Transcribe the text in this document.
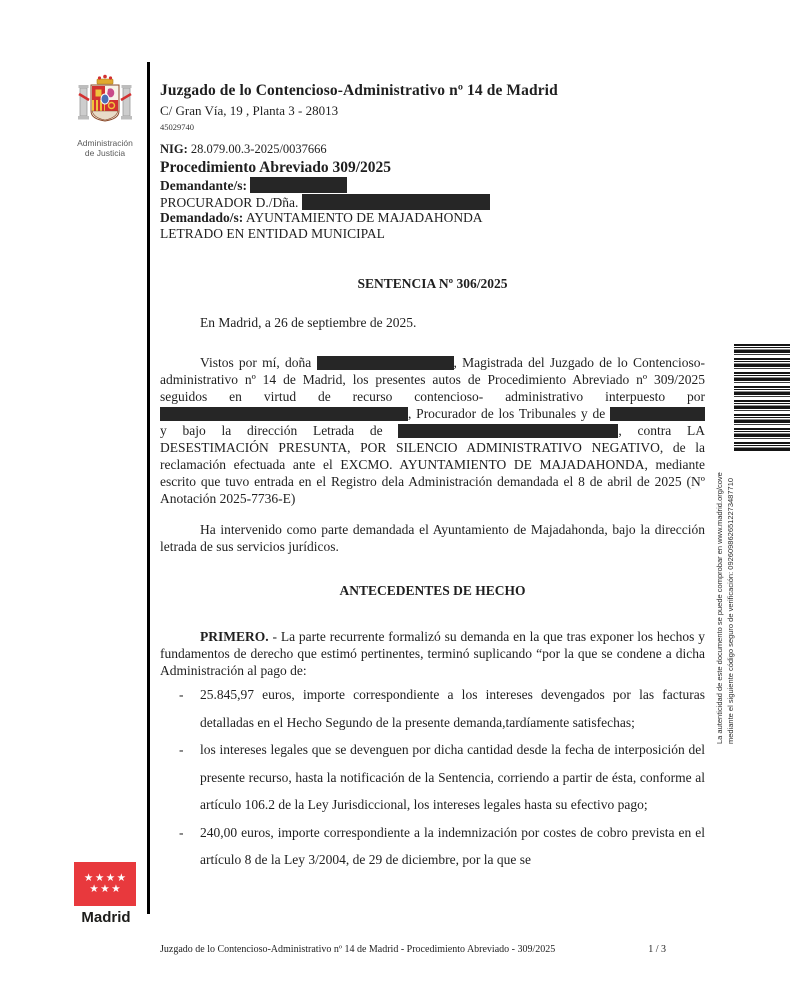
Administración
de Justicia
Juzgado de lo Contencioso-Administrativo nº 14 de Madrid
C/ Gran Vía, 19 , Planta 3 - 28013
45029740
NIG: 28.079.00.3-2025/0037666
Procedimiento Abreviado 309/2025
Demandante/s:
PROCURADOR D./Dña.
Demandado/s: AYUNTAMIENTO DE MAJADAHONDA
LETRADO EN ENTIDAD MUNICIPAL
SENTENCIA Nº 306/2025
En Madrid, a 26 de septiembre de 2025.

Vistos por mí, doña	, Magistrada del Juzgado de lo Contencioso-administrativo nº 14 de Madrid, los presentes autos de Procedimiento Abreviado nº 309/2025 seguidos en virtud de recurso contencioso- administrativo interpuesto por , Procurador de los Tribunales y de  y bajo la dirección Letrada de	, contra LA DESESTIMACIÓN PRESUNTA, POR SILENCIO ADMINISTRATIVO NEGATIVO, de la reclamación efectuada ante el EXCMO. AYUNTAMIENTO DE MAJADAHONDA, mediante escrito que tuvo entrada en el Registro dela Administración demandada el 8 de abril de 2025 (Nº Anotación 2025-7736-E)

Ha intervenido como parte demandada el Ayuntamiento de Majadahonda, bajo la dirección letrada de sus servicios jurídicos.

ANTECEDENTES DE HECHO

PRIMERO. - La parte recurrente formalizó su demanda en la que tras exponer los hechos y fundamentos de derecho que estimó pertinentes, terminó suplicando “por la que se condene a dicha Administración al pago de:

- 25.845,97 euros, importe correspondiente a los intereses devengados por las facturas detalladas en el Hecho Segundo de la presente demanda,tardíamente satisfechas;
- los intereses legales que se devenguen por dicha cantidad desde la fecha de interposición del presente recurso, hasta la notificación de la Sentencia, corriendo a partir de ésta, conforme al artículo 106.2 de la Ley Jurisdiccional, los intereses legales hasta su efectivo pago;
- 240,00 euros, importe correspondiente a la indemnización por costes de cobro prevista en el artículo 8 de la Ley 3/2004, de 29 de diciembre, por la que se
★★★★
★★★
Madrid
La autenticidad de este documento se puede comprobar en www.madrid.org/cove mediante el siguiente código seguro de verificación: 0926098626512273487710
Juzgado de lo Contencioso-Administrativo nº 14 de Madrid - Procedimiento Abreviado - 309/2025	1 / 3
